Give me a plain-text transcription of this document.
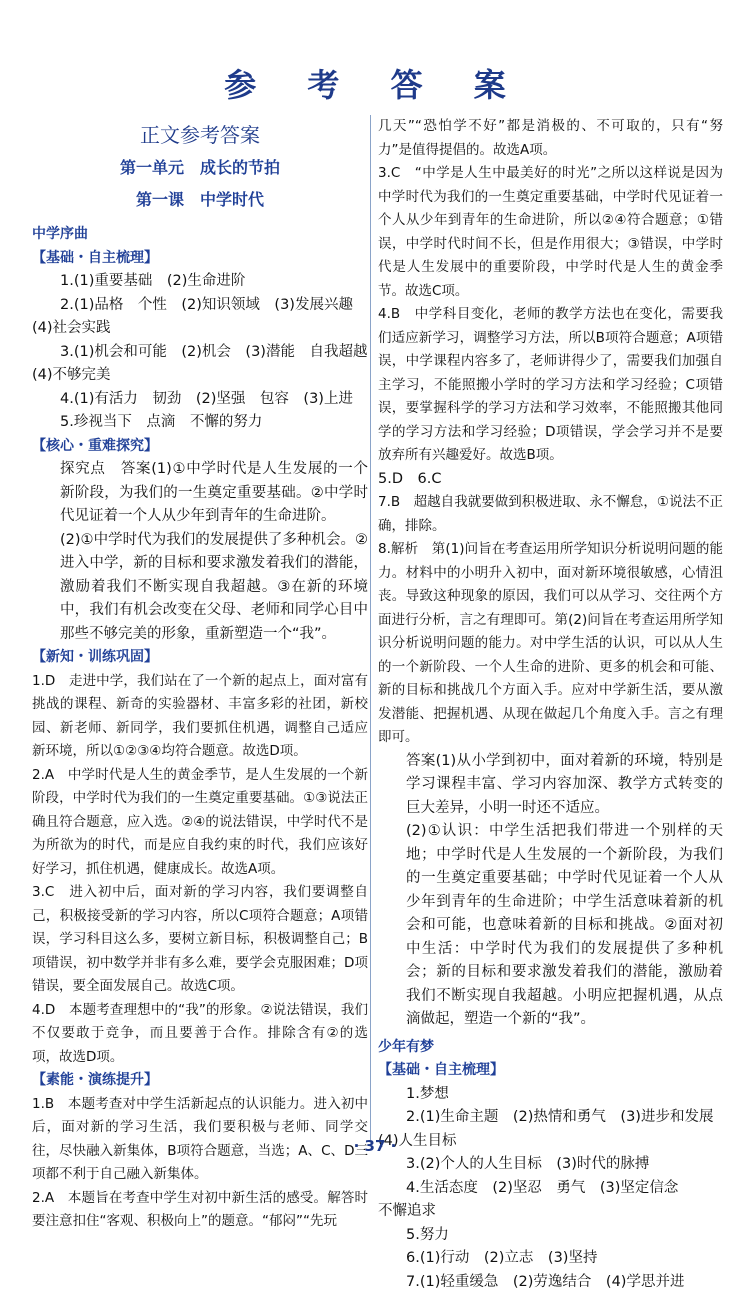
参 考 答 案
正文参考答案
第一单元　成长的节拍
第一课　中学时代
中学序曲
【基础・自主梳理】

1.(1)重要基础　(2)生命进阶

2.(1)品格　个性　(2)知识领域　(3)发展兴趣

(4)社会实践

3.(1)机会和可能　(2)机会　(3)潜能　自我超越

(4)不够完美

4.(1)有活力　韧劲　(2)坚强　包容　(3)上进

5.珍视当下　点滴　不懈的努力

【核心・重难探究】

探究点　答案(1)①中学时代是人生发展的一个新阶段，为我们的一生奠定重要基础。②中学时代见证着一个人从少年到青年的生命进阶。

(2)①中学时代为我们的发展提供了多种机会。②进入中学，新的目标和要求激发着我们的潜能，激励着我们不断实现自我超越。③在新的环境中，我们有机会改变在父母、老师和同学心目中那些不够完美的形象，重新塑造一个“我”。

【新知・训练巩固】

1.D　走进中学，我们站在了一个新的起点上，面对富有挑战的课程、新奇的实验器材、丰富多彩的社团，新校园、新老师、新同学，我们要抓住机遇，调整自己适应新环境，所以①②③④均符合题意。故选D项。

2.A　中学时代是人生的黄金季节，是人生发展的一个新阶段，中学时代为我们的一生奠定重要基础。①③说法正确且符合题意，应入选。②④的说法错误，中学时代不是为所欲为的时代，而是应自我约束的时代，我们应该好好学习，抓住机遇，健康成长。故选A项。

3.C　进入初中后，面对新的学习内容，我们要调整自己，积极接受新的学习内容，所以C项符合题意；A项错误，学习科目这么多，要树立新目标，积极调整自己；B项错误，初中数学并非有多么难，要学会克服困难；D项错误，要全面发展自己。故选C项。

4.D　本题考查理想中的“我”的形象。②说法错误，我们不仅要敢于竞争，而且要善于合作。排除含有②的选项，故选D项。

【素能・演练提升】

1.B　本题考查对中学生活新起点的认识能力。进入初中后，面对新的学习生活，我们要积极与老师、同学交往，尽快融入新集体，B项符合题意，当选；A、C、D三项都不利于自己融入新集体。

2.A　本题旨在考查中学生对初中新生活的感受。解答时要注意扣住“客观、积极向上”的题意。“郁闷”“先玩

几天”“恐怕学不好”都是消极的、不可取的，只有“努力”是值得提倡的。故选A项。

3.C　“中学是人生中最美好的时光”之所以这样说是因为中学时代为我们的一生奠定重要基础，中学时代见证着一个人从少年到青年的生命进阶，所以②④符合题意；①错误，中学时代时间不长，但是作用很大；③错误，中学时代是人生发展中的重要阶段，中学时代是人生的黄金季节。故选C项。

4.B　中学科目变化，老师的教学方法也在变化，需要我们适应新学习，调整学习方法，所以B项符合题意；A项错误，中学课程内容多了，老师讲得少了，需要我们加强自主学习，不能照搬小学时的学习方法和学习经验；C项错误，要掌握科学的学习方法和学习效率，不能照搬其他同学的学习方法和学习经验；D项错误，学会学习并不是要放弃所有兴趣爱好。故选B项。

5.D　6.C

7.B　超越自我就要做到积极进取、永不懈怠，①说法不正确，排除。

8.解析　第(1)问旨在考查运用所学知识分析说明问题的能力。材料中的小明升入初中，面对新环境很敏感，心情沮丧。导致这种现象的原因，我们可以从学习、交往两个方面进行分析，言之有理即可。第(2)问旨在考查运用所学知识分析说明问题的能力。对中学生活的认识，可以从人生的一个新阶段、一个人生命的进阶、更多的机会和可能、新的目标和挑战几个方面入手。应对中学新生活，要从激发潜能、把握机遇、从现在做起几个角度入手。言之有理即可。

答案(1)从小学到初中，面对着新的环境，特别是学习课程丰富、学习内容加深、教学方式转变的巨大差异，小明一时还不适应。

(2)①认识：中学生活把我们带进一个别样的天地；中学时代是人生发展的一个新阶段，为我们的一生奠定重要基础；中学时代见证着一个人从少年到青年的生命进阶；中学生活意味着新的机会和可能，也意味着新的目标和挑战。②面对初中生活：中学时代为我们的发展提供了多种机会；新的目标和要求激发着我们的潜能，激励着我们不断实现自我超越。小明应把握机遇，从点滴做起，塑造一个新的“我”。

少年有梦
【基础・自主梳理】

1.梦想

2.(1)生命主题　(2)热情和勇气　(3)进步和发展

(4)人生目标

3.(2)个人的人生目标　(3)时代的脉搏

4.生活态度　(2)坚忍　勇气　(3)坚定信念

不懈追求

5.努力

6.(1)行动　(2)立志　(3)坚持

7.(1)轻重缓急　(2)劳逸结合　(4)学思并进

· 37 ·
